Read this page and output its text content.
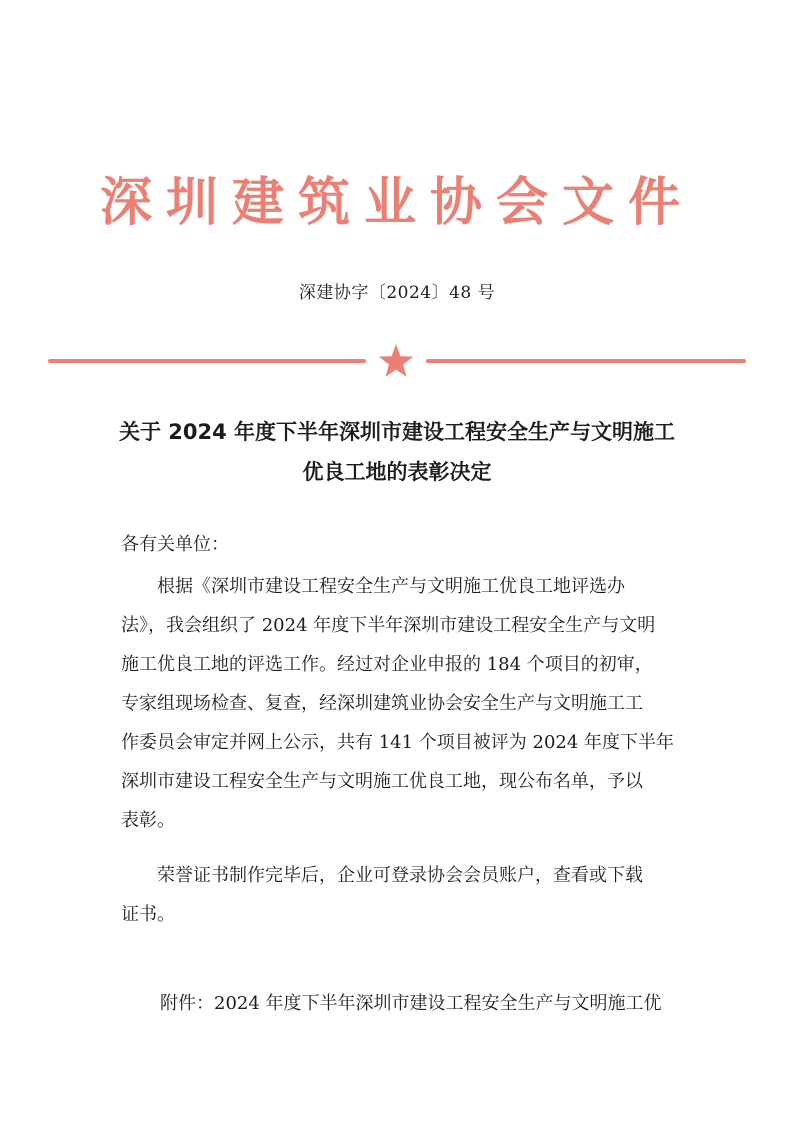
深圳建筑业协会文件
深建协字〔2024〕48 号
关于 2024 年度下半年深圳市建设工程安全生产与文明施工
优良工地的表彰决定
各有关单位：
　　根据《深圳市建设工程安全生产与文明施工优良工地评选办
法》，我会组织了 2024 年度下半年深圳市建设工程安全生产与文明
施工优良工地的评选工作。经过对企业申报的 184 个项目的初审，
专家组现场检查、复查，经深圳建筑业协会安全生产与文明施工工
作委员会审定并网上公示，共有 141 个项目被评为 2024 年度下半年
深圳市建设工程安全生产与文明施工优良工地，现公布名单，予以
表彰。
　　荣誉证书制作完毕后，企业可登录协会会员账户，查看或下载
证书。
附件：2024 年度下半年深圳市建设工程安全生产与文明施工优
